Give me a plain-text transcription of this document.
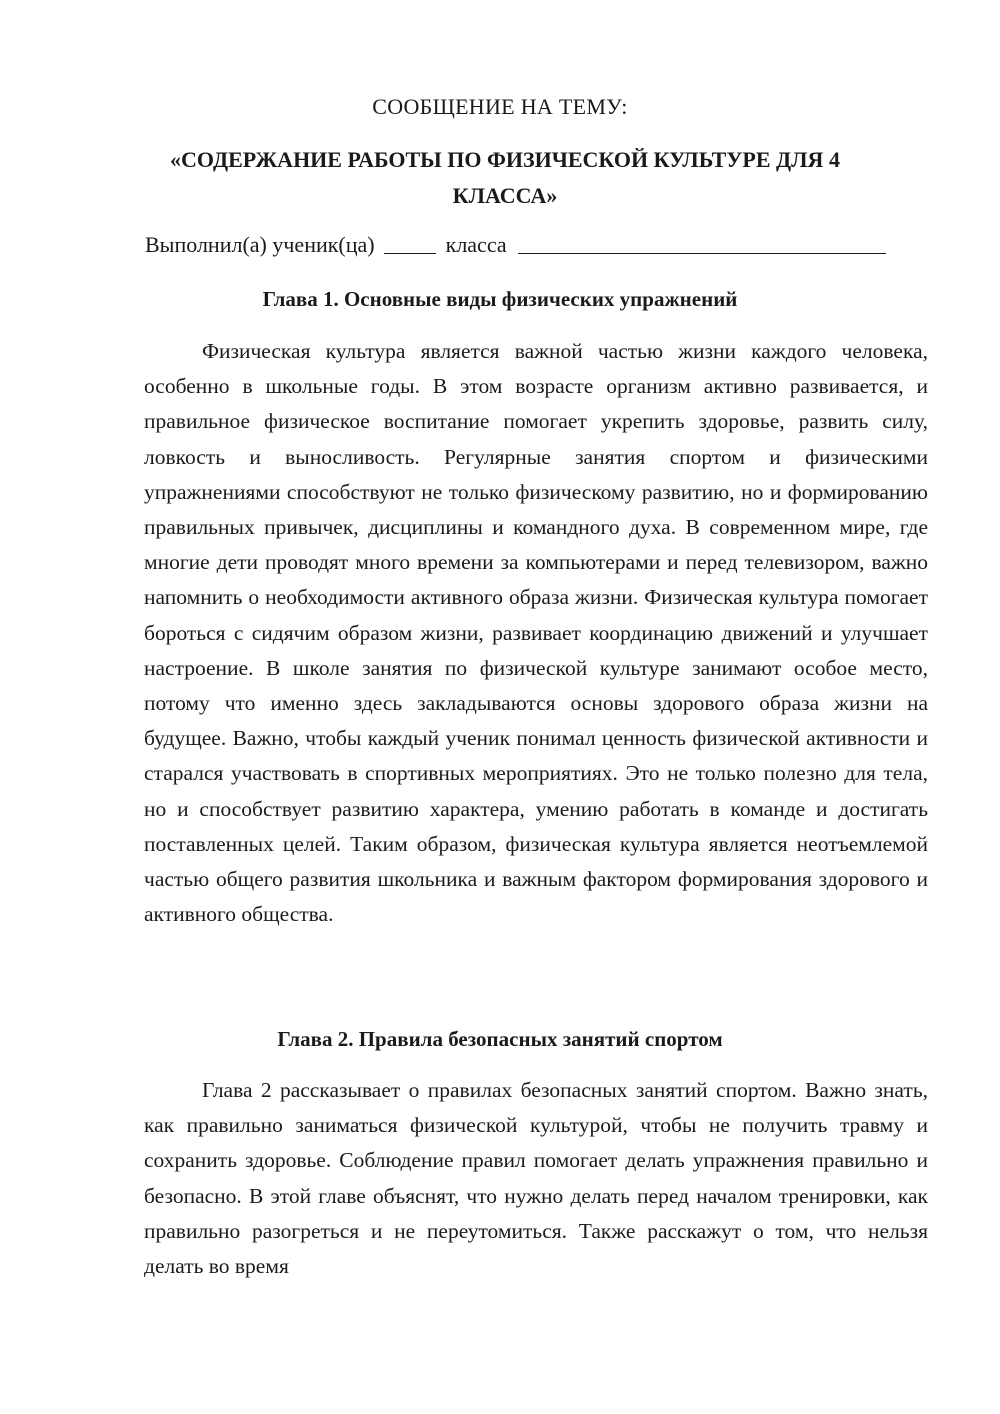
СООБЩЕНИЕ НА ТЕМУ:
«СОДЕРЖАНИЕ РАБОТЫ ПО ФИЗИЧЕСКОЙ КУЛЬТУРЕ ДЛЯ 4 КЛАССА»
Выполнил(а) ученик(ца)	класса
Глава 1. Основные виды физических упражнений

Физическая культура является важной частью жизни каждого человека, особенно в школьные годы. В этом возрасте организм активно развивается, и правильное физическое воспитание помогает укрепить здоровье, развить силу, ловкость и выносливость. Регулярные занятия спортом и физическими упражнениями способствуют не только физическому развитию, но и формированию правильных привычек, дисциплины и командного духа. В современном мире, где многие дети проводят много времени за компьютерами и перед телевизором, важно напомнить о необходимости активного образа жизни. Физическая культура помогает бороться с сидячим образом жизни, развивает координацию движений и улучшает настроение. В школе занятия по физической культуре занимают особое место, потому что именно здесь закладываются основы здорового образа жизни на будущее. Важно, чтобы каждый ученик понимал ценность физической активности и старался участвовать в спортивных мероприятиях. Это не только полезно для тела, но и способствует развитию характера, умению работать в команде и достигать поставленных целей. Таким образом, физическая культура является неотъемлемой частью общего развития школьника и важным фактором формирования здорового и активного общества.

Глава 2. Правила безопасных занятий спортом

Глава 2 рассказывает о правилах безопасных занятий спортом. Важно знать, как правильно заниматься физической культурой, чтобы не получить травму и сохранить здоровье. Соблюдение правил помогает делать упражнения правильно и безопасно. В этой главе объяснят, что нужно делать перед началом тренировки, как правильно разогреться и не переутомиться. Также расскажут о том, что нельзя делать во время
